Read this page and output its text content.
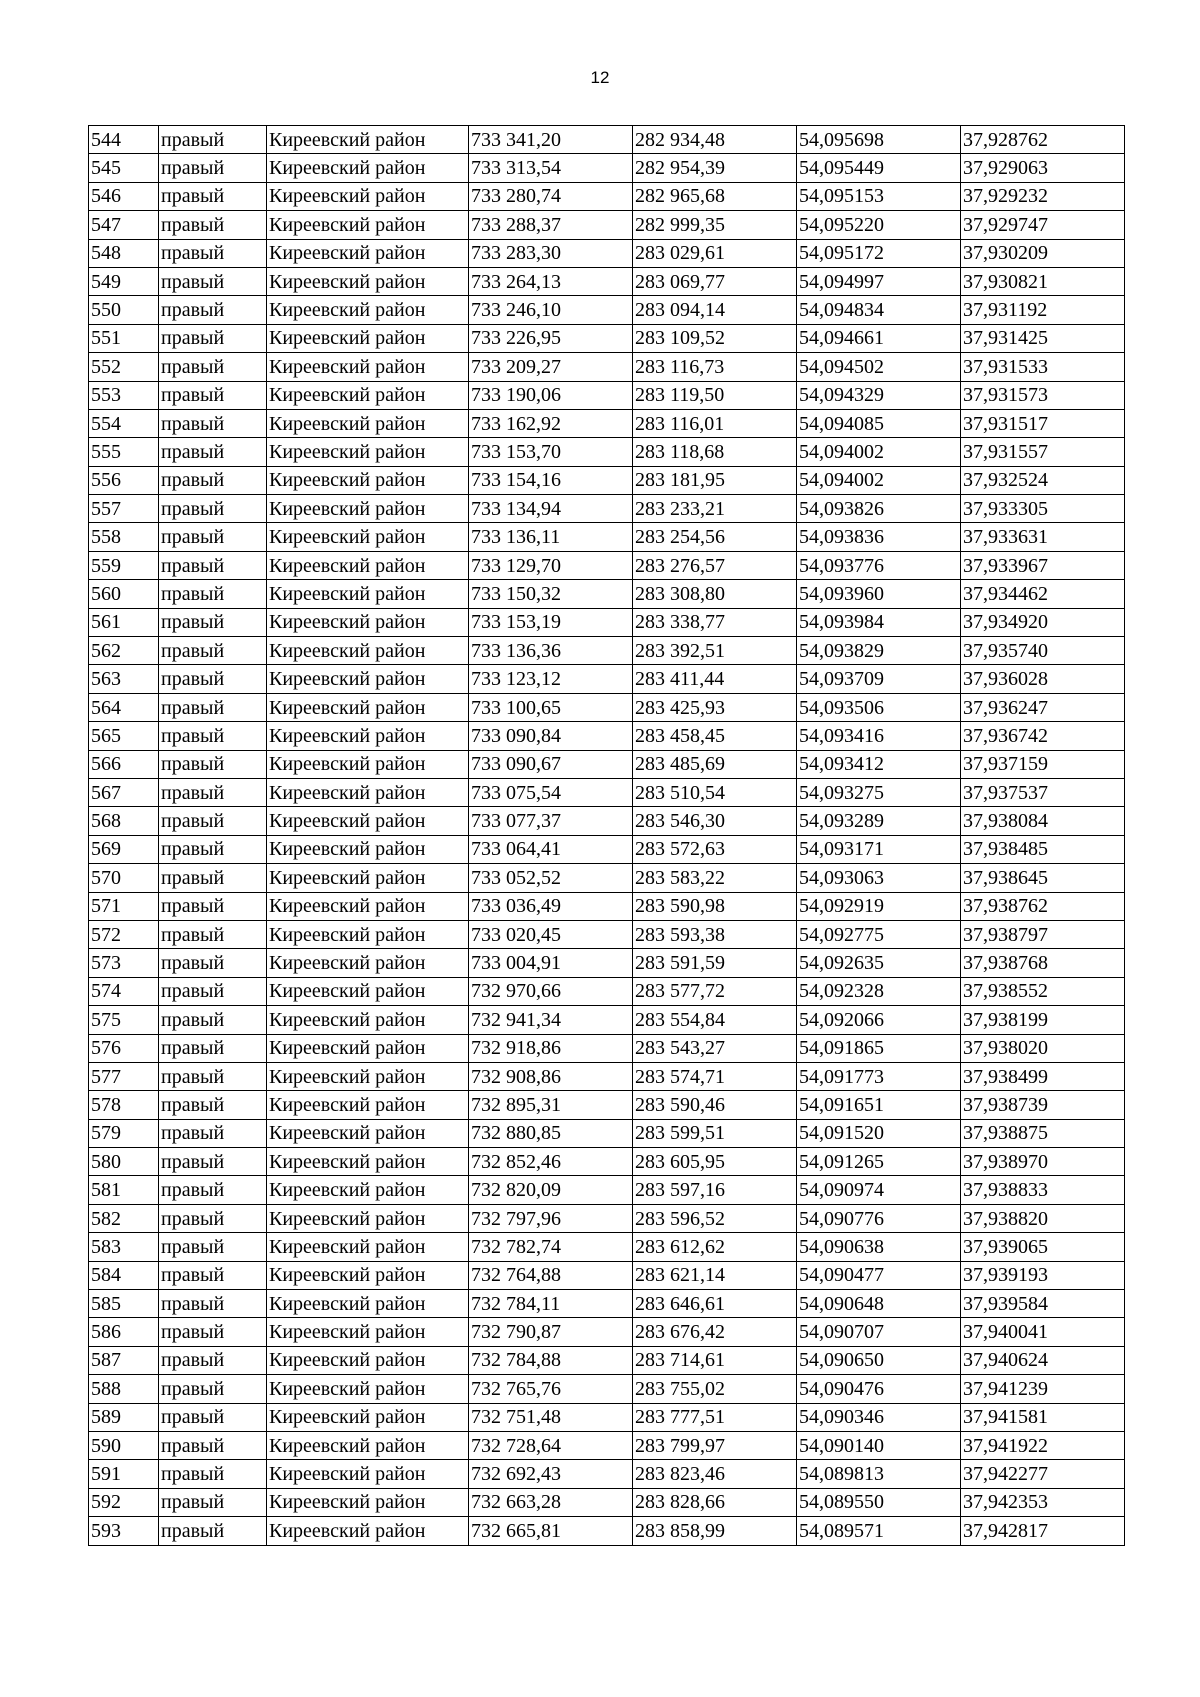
12
544	правый	Киреевский район	733 341,20	282 934,48	54,095698	37,928762
545	правый	Киреевский район	733 313,54	282 954,39	54,095449	37,929063
546	правый	Киреевский район	733 280,74	282 965,68	54,095153	37,929232
547	правый	Киреевский район	733 288,37	282 999,35	54,095220	37,929747
548	правый	Киреевский район	733 283,30	283 029,61	54,095172	37,930209
549	правый	Киреевский район	733 264,13	283 069,77	54,094997	37,930821
550	правый	Киреевский район	733 246,10	283 094,14	54,094834	37,931192
551	правый	Киреевский район	733 226,95	283 109,52	54,094661	37,931425
552	правый	Киреевский район	733 209,27	283 116,73	54,094502	37,931533
553	правый	Киреевский район	733 190,06	283 119,50	54,094329	37,931573
554	правый	Киреевский район	733 162,92	283 116,01	54,094085	37,931517
555	правый	Киреевский район	733 153,70	283 118,68	54,094002	37,931557
556	правый	Киреевский район	733 154,16	283 181,95	54,094002	37,932524
557	правый	Киреевский район	733 134,94	283 233,21	54,093826	37,933305
558	правый	Киреевский район	733 136,11	283 254,56	54,093836	37,933631
559	правый	Киреевский район	733 129,70	283 276,57	54,093776	37,933967
560	правый	Киреевский район	733 150,32	283 308,80	54,093960	37,934462
561	правый	Киреевский район	733 153,19	283 338,77	54,093984	37,934920
562	правый	Киреевский район	733 136,36	283 392,51	54,093829	37,935740
563	правый	Киреевский район	733 123,12	283 411,44	54,093709	37,936028
564	правый	Киреевский район	733 100,65	283 425,93	54,093506	37,936247
565	правый	Киреевский район	733 090,84	283 458,45	54,093416	37,936742
566	правый	Киреевский район	733 090,67	283 485,69	54,093412	37,937159
567	правый	Киреевский район	733 075,54	283 510,54	54,093275	37,937537
568	правый	Киреевский район	733 077,37	283 546,30	54,093289	37,938084
569	правый	Киреевский район	733 064,41	283 572,63	54,093171	37,938485
570	правый	Киреевский район	733 052,52	283 583,22	54,093063	37,938645
571	правый	Киреевский район	733 036,49	283 590,98	54,092919	37,938762
572	правый	Киреевский район	733 020,45	283 593,38	54,092775	37,938797
573	правый	Киреевский район	733 004,91	283 591,59	54,092635	37,938768
574	правый	Киреевский район	732 970,66	283 577,72	54,092328	37,938552
575	правый	Киреевский район	732 941,34	283 554,84	54,092066	37,938199
576	правый	Киреевский район	732 918,86	283 543,27	54,091865	37,938020
577	правый	Киреевский район	732 908,86	283 574,71	54,091773	37,938499
578	правый	Киреевский район	732 895,31	283 590,46	54,091651	37,938739
579	правый	Киреевский район	732 880,85	283 599,51	54,091520	37,938875
580	правый	Киреевский район	732 852,46	283 605,95	54,091265	37,938970
581	правый	Киреевский район	732 820,09	283 597,16	54,090974	37,938833
582	правый	Киреевский район	732 797,96	283 596,52	54,090776	37,938820
583	правый	Киреевский район	732 782,74	283 612,62	54,090638	37,939065
584	правый	Киреевский район	732 764,88	283 621,14	54,090477	37,939193
585	правый	Киреевский район	732 784,11	283 646,61	54,090648	37,939584
586	правый	Киреевский район	732 790,87	283 676,42	54,090707	37,940041
587	правый	Киреевский район	732 784,88	283 714,61	54,090650	37,940624
588	правый	Киреевский район	732 765,76	283 755,02	54,090476	37,941239
589	правый	Киреевский район	732 751,48	283 777,51	54,090346	37,941581
590	правый	Киреевский район	732 728,64	283 799,97	54,090140	37,941922
591	правый	Киреевский район	732 692,43	283 823,46	54,089813	37,942277
592	правый	Киреевский район	732 663,28	283 828,66	54,089550	37,942353
593	правый	Киреевский район	732 665,81	283 858,99	54,089571	37,942817
